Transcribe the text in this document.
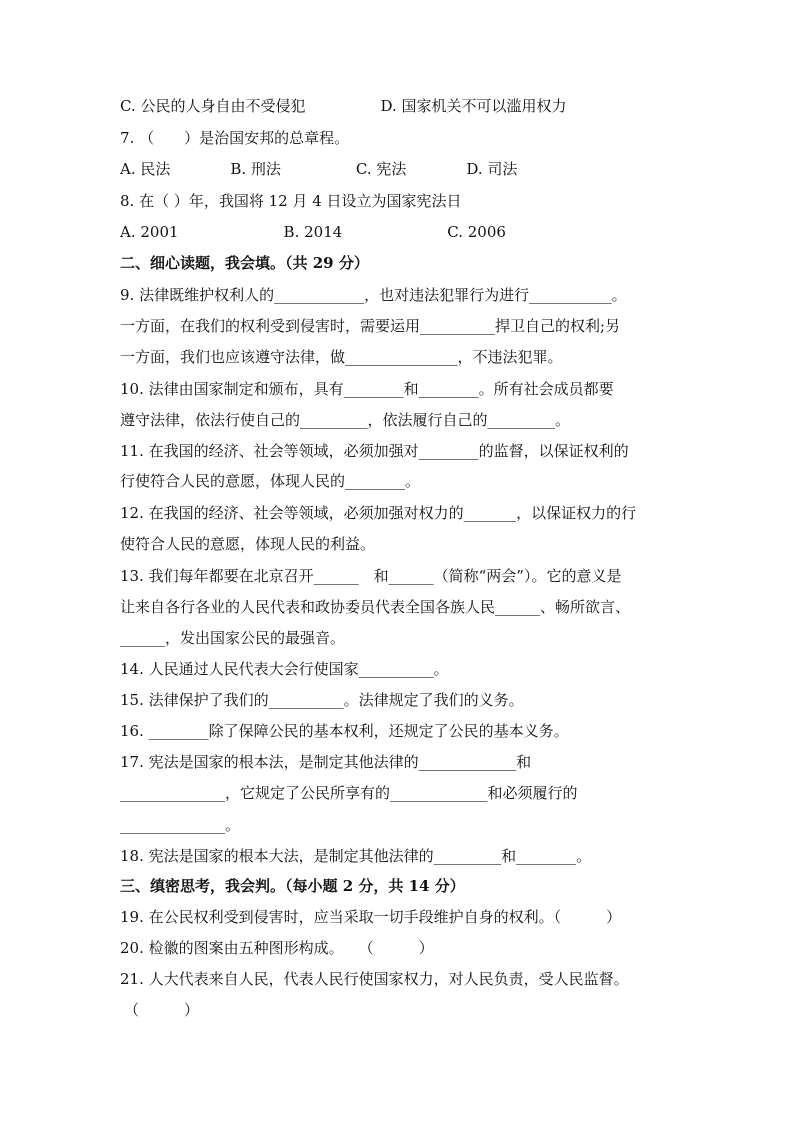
C. 公民的人身自由不受侵犯　　　　　D. 国家机关不可以滥用权力
7. （　　）是治国安邦的总章程。
A. 民法　　　　B. 刑法　　　　　C. 宪法　　　　D. 司法
8. 在（ ）年，我国将 12 月 4 日设立为国家宪法日
A. 2001　　　　　　　B. 2014　　　　　　　C. 2006
二、细心读题，我会填。（共 29 分）
9. 法律既维护权利人的____________，也对违法犯罪行为进行___________。
一方面，在我们的权利受到侵害时，需要运用__________捍卫自己的权利;另
一方面，我们也应该遵守法律，做_______________，不违法犯罪。
10. 法律由国家制定和颁布，具有________和________。所有社会成员都要
遵守法律，依法行使自己的_________，依法履行自己的_________。
11. 在我国的经济、社会等领域，必须加强对________的监督，以保证权利的
行使符合人民的意愿，体现人民的________。
12. 在我国的经济、社会等领域，必须加强对权力的_______，以保证权力的行
使符合人民的意愿，体现人民的利益。
13. 我们每年都要在北京召开______　和______（简称“两会”）。它的意义是
让来自各行各业的人民代表和政协委员代表全国各族人民______、畅所欲言、
______，发出国家公民的最强音。
14. 人民通过人民代表大会行使国家__________。
15. 法律保护了我们的__________。法律规定了我们的义务。
16. ________除了保障公民的基本权利，还规定了公民的基本义务。
17. 宪法是国家的根本法，是制定其他法律的_____________和
______________，它规定了公民所享有的_____________和必须履行的
______________。
18. 宪法是国家的根本大法，是制定其他法律的_________和________。
三、缜密思考，我会判。（每小题 2 分，共 14 分）
19. 在公民权利受到侵害时，应当采取一切手段维护自身的权利。（　　　）
20. 检徽的图案由五种图形构成。　　（　　　）
21. 人大代表来自人民，代表人民行使国家权力，对人民负责，受人民监督。
（　　　）
